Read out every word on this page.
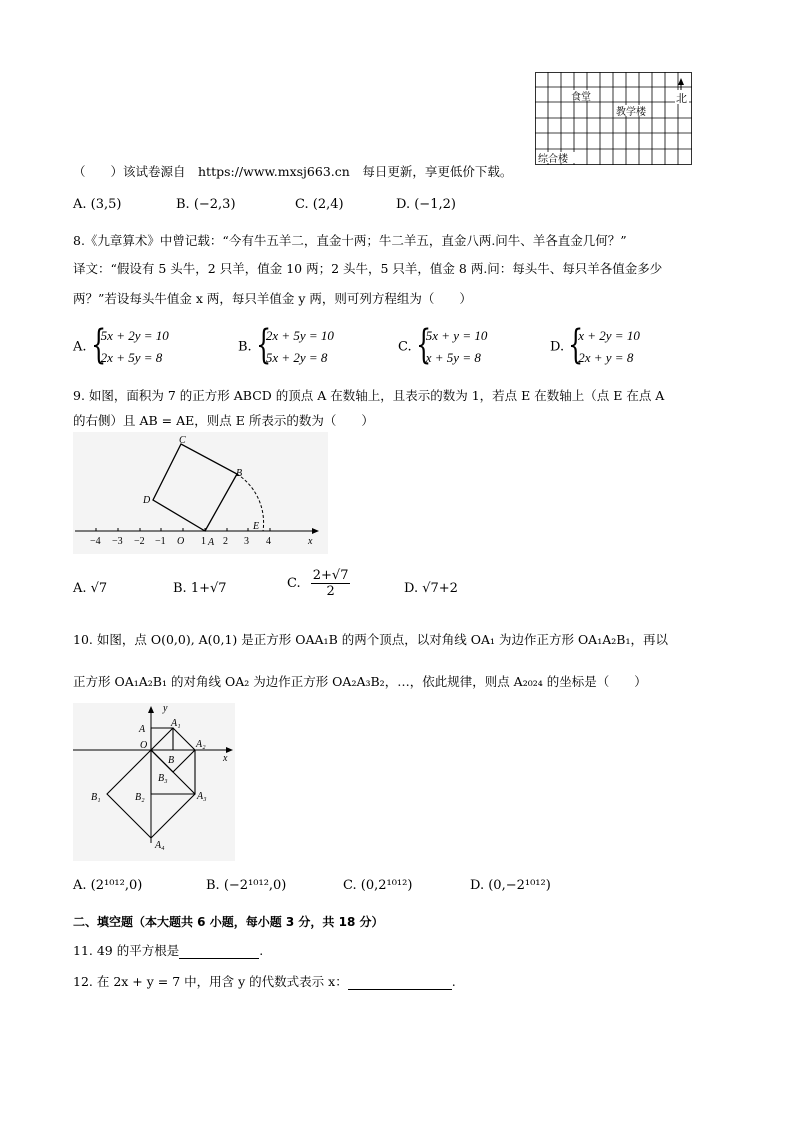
食堂
教学楼
综合楼
北
（　　）该试卷源自　https://www.mxsj663.cn　每日更新，享更低价下载。
A. (3,5)	B. (−2,3)	C. (2,4)	D. (−1,2)
8.《九章算术》中曾记载：“今有牛五羊二，直金十两；牛二羊五，直金八两.问牛、羊各直金几何？”
译文：“假设有 5 头牛，2 只羊，值金 10 两；2 头牛，5 只羊，值金 8 两.问：每头牛、每只羊各值金多少
两？”若设每头牛值金 x 两，每只羊值金 y 两，则可列方程组为（　　）
A. {
5x + 2y = 10
2x + 5y = 8
B. {
2x + 5y = 10
5x + 2y = 8
C. {
5x + y = 10
x + 5y = 8
D. {
x + 2y = 10
2x + y = 8
9. 如图，面积为 7 的正方形 ABCD 的顶点 A 在数轴上，且表示的数为 1，若点 E 在数轴上（点 E 在点 A
的右侧）且 AB = AE，则点 E 所表示的数为（　　）
−4 −3 −2 −1 O 1 2 3 4	x
A
B
C
D
E
A. √7	B. 1+√7	C. $\frac{2+√7}{2}$	D. √7+2
10. 如图，点 O(0,0), A(0,1) 是正方形 OAA₁B 的两个顶点，以对角线 OA₁ 为边作正方形 OA₁A₂B₁，再以
正方形 OA₁A₂B₁ 的对角线 OA₂ 为边作正方形 OA₂A₃B₂，…，依此规律，则点 A₂₀₂₄ 的坐标是（　　）
y
x
A
A₁
A₂
A₃
A₄
O
B
B₁	B₂
B₃
A. (2¹⁰¹²,0)	B. (−2¹⁰¹²,0)	C. (0,2¹⁰¹²)	D. (0,−2¹⁰¹²)
二、填空题（本大题共 6 小题，每小题 3 分，共 18 分）
11. 49 的平方根是	.
12. 在 2x + y = 7 中，用含 y 的代数式表示 x：	.
